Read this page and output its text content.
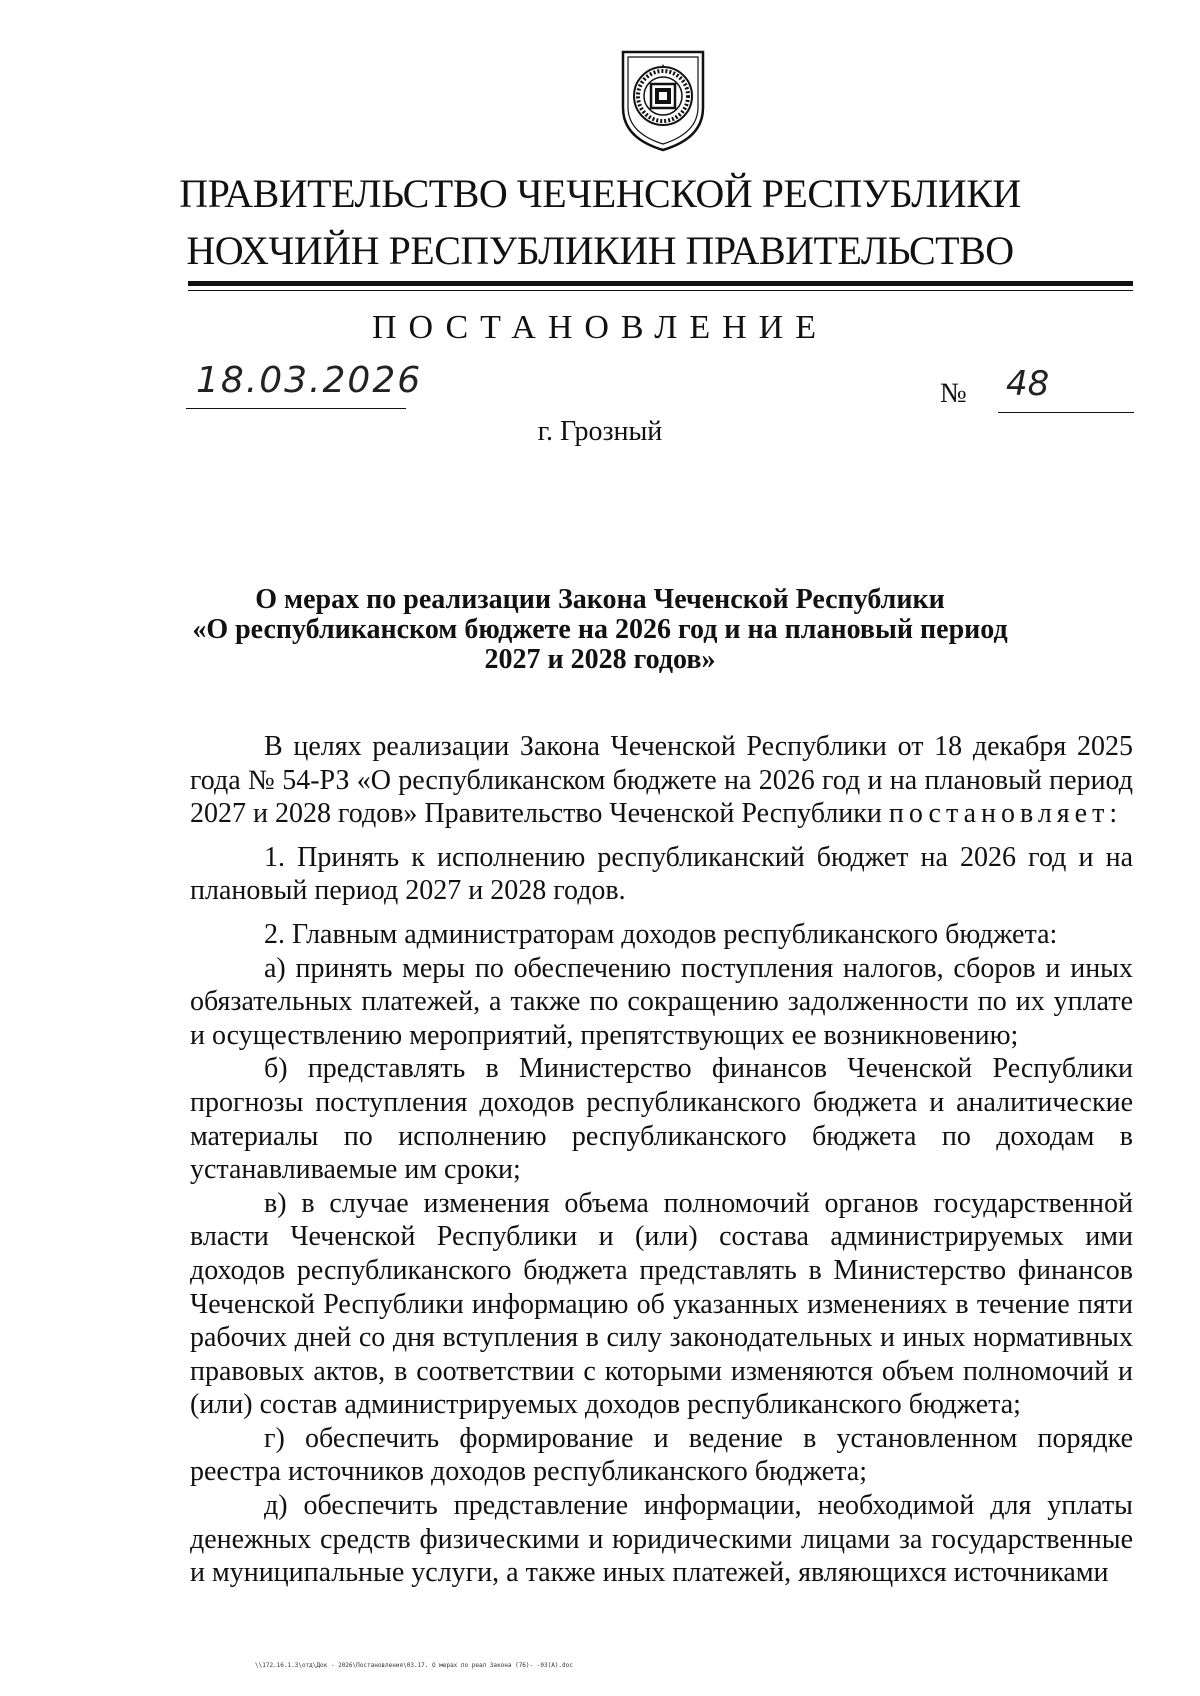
ПРАВИТЕЛЬСТВО ЧЕЧЕНСКОЙ РЕСПУБЛИКИ
НОХЧИЙН РЕСПУБЛИКИН ПРАВИТЕЛЬСТВО
ПОСТАНОВЛЕНИЕ
18.03.2026	№ 48
г. Грозный
О мерах по реализации Закона Чеченской Республики
«О республиканском бюджете на 2026 год и на плановый период
2027 и 2028 годов»

В целях реализации Закона Чеченской Республики от 18 декабря 2025 года № 54-РЗ «О республиканском бюджете на 2026 год и на плановый период 2027 и 2028 годов» Правительство Чеченской Республики постановляет:

1. Принять к исполнению республиканский бюджет на 2026 год и на плановый период 2027 и 2028 годов.

2. Главным администраторам доходов республиканского бюджета:

а) принять меры по обеспечению поступления налогов, сборов и иных обязательных платежей, а также по сокращению задолженности по их уплате и осуществлению мероприятий, препятствующих ее возникновению;

б) представлять в Министерство финансов Чеченской Республики прогнозы поступления доходов республиканского бюджета и аналитические материалы по исполнению республиканского бюджета по доходам в устанавливаемые им сроки;

в) в случае изменения объема полномочий органов государственной власти Чеченской Республики и (или) состава администрируемых ими доходов республиканского бюджета представлять в Министерство финансов Чеченской Республики информацию об указанных изменениях в течение пяти рабочих дней со дня вступления в силу законодательных и иных нормативных правовых актов, в соответствии с которыми изменяются объем полномочий и (или) состав администрируемых доходов республиканского бюджета;

г) обеспечить формирование и ведение в установленном порядке реестра источников доходов республиканского бюджета;

д) обеспечить представление информации, необходимой для уплаты денежных средств физическими и юридическими лицами за государственные и муниципальные услуги, а также иных платежей, являющихся источниками

\\172.16.1.3\отд\Док - 2026\Постановления\03.17. О мерах по реал Закона (76)- -03(А).doc
